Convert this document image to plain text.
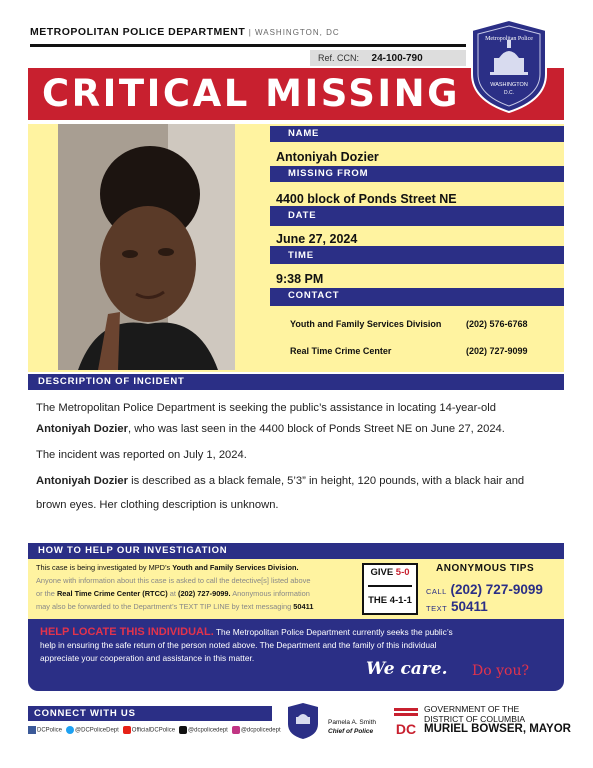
METROPOLITAN POLICE DEPARTMENT | WASHINGTON, DC
Ref. CCN: 24-100-790
CRITICAL MISSING
Metropolitan Police
WASHINGTON
D.C.
NAME
Antoniyah Dozier
MISSING FROM
4400 block of Ponds Street NE
DATE
June 27, 2024
TIME
9:38 PM
CONTACT
Youth and Family Services Division	(202) 576-6768
Real Time Crime Center	(202) 727-9099
DESCRIPTION OF INCIDENT
The Metropolitan Police Department is seeking the public’s assistance in locating 14-year-old
Antoniyah Dozier, who was last seen in the 4400 block of Ponds Street NE on June 27, 2024.
The incident was reported on July 1, 2024.
Antoniyah Dozier is described as a black female, 5’3” in height, 120 pounds, with a black hair and
brown eyes. Her clothing description is unknown.
HOW TO HELP OUR INVESTIGATION
This case is being investigated by MPD’s Youth and Family Services Division.
Anyone with information about this case is asked to call the detective[s] listed above
or the Real Time Crime Center (RTCC) at (202) 727-9099. Anonymous information
may also be forwarded to the Department’s TEXT TIP LINE by text messaging 50411
GIVE 5-0
THE 4-1-1
ANONYMOUS TIPS
CALL (202) 727-9099
TEXT 50411
HELP LOCATE THIS INDIVIDUAL. The Metropolitan Police Department currently seeks the public’s
help in ensuring the safe return of the person noted above. The Department and the family of this individual
appreciate your cooperation and assistance in this matter.
We care. Do you?
CONNECT WITH US
DCPolice	@DCPoliceDept	OfficialDCPolice	@dcpolicedept	@dcpolicedept
Pamela A. Smith
Chief of Police DC
GOVERNMENT OF THE
DISTRICT OF COLUMBIA
MURIEL BOWSER, MAYOR
